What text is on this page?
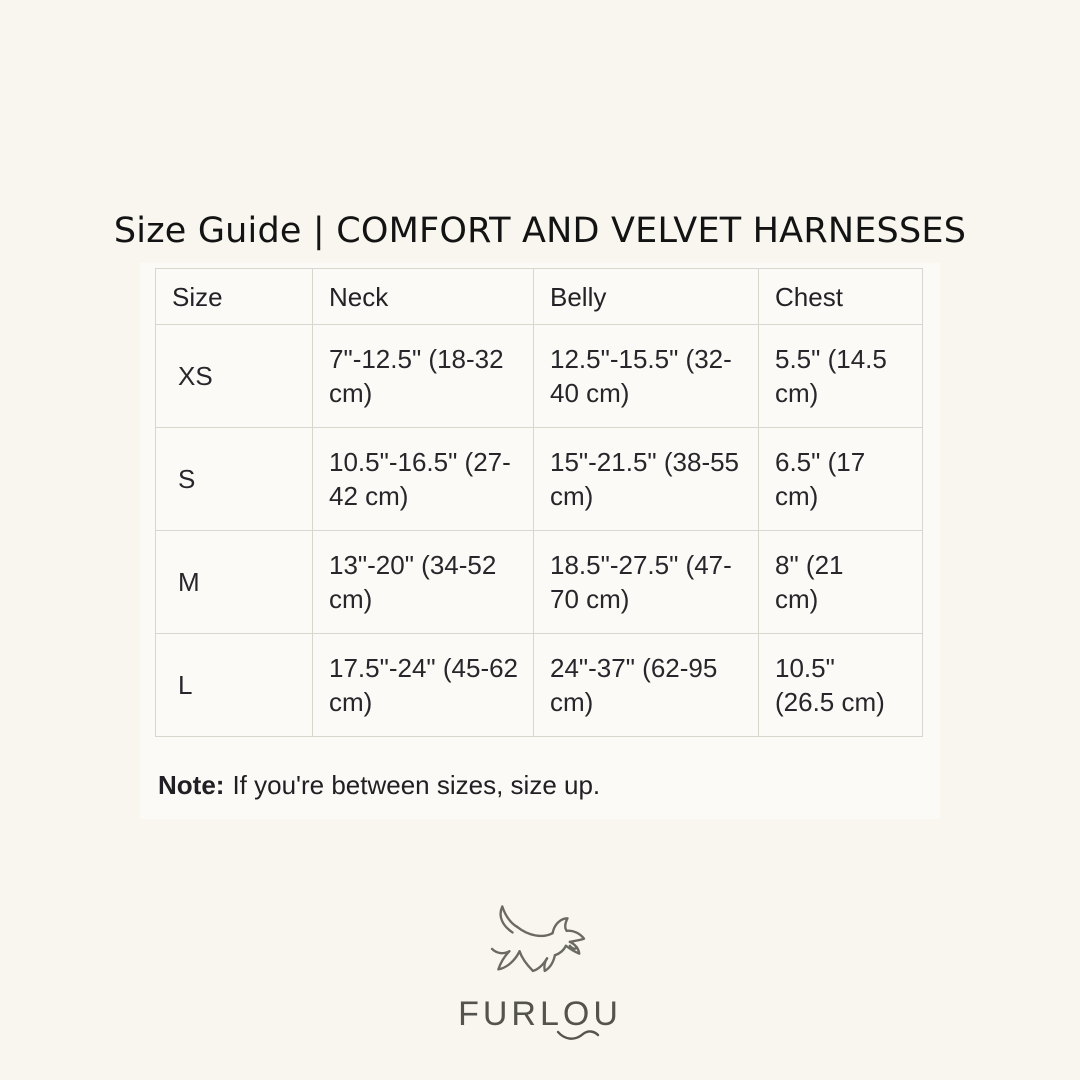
Size Guide | COMFORT AND VELVET HARNESSES
Size	Neck	Belly	Chest
XS	7"-12.5" (18-32 cm)	12.5"-15.5" (32-40 cm)	5.5" (14.5 cm)
S	10.5"-16.5" (27-42 cm)	15"-21.5" (38-55 cm)	6.5" (17 cm)
M	13"-20" (34-52 cm)	18.5"-27.5" (47-70 cm)	8" (21 cm)
L	17.5"-24" (45-62 cm)	24"-37" (62-95 cm)	10.5" (26.5 cm)
Note: If you're between sizes, size up.
FURLOU
